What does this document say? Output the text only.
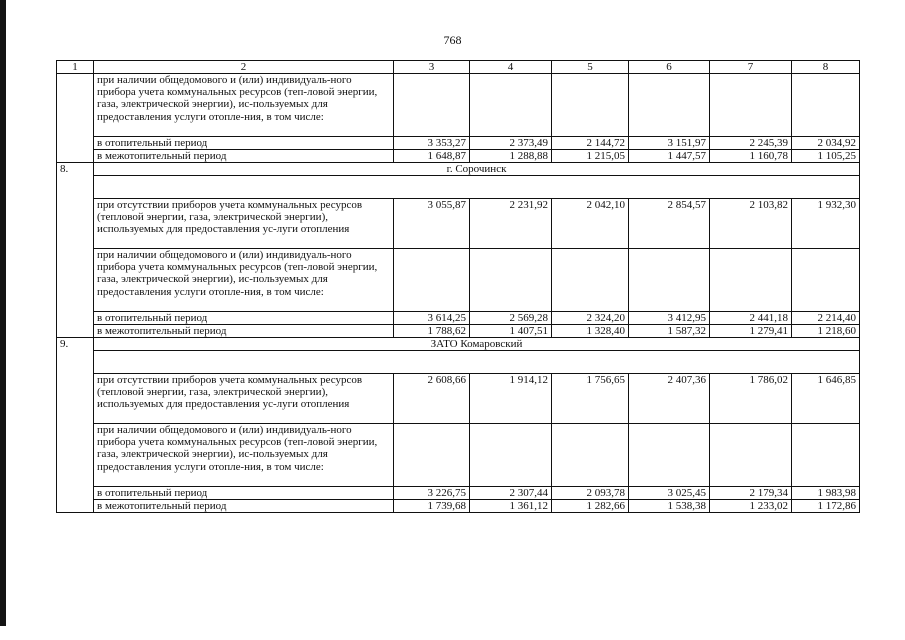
768
1	2	3	4	5	6	7	8
	при наличии общедомового и (или) индивидуаль-ного прибора учета коммунальных ресурсов (теп-ловой энергии, газа, электрической энергии), ис-пользуемых для предоставления услуги отопле-ния, в том числе:						
	в отопительный период	3 353,27	2 373,49	2 144,72	3 151,97	2 245,39	2 034,92
	в межотопительный период	1 648,87	1 288,88	1 215,05	1 447,57	1 160,78	1 105,25
8.	г. Сорочинск						

	при отсутствии приборов учета коммунальных ресурсов (тепловой энергии, газа, электрической энергии), используемых для предоставления ус-луги отопления	3 055,87	2 231,92	2 042,10	2 854,57	2 103,82	1 932,30
	при наличии общедомового и (или) индивидуаль-ного прибора учета коммунальных ресурсов (теп-ловой энергии, газа, электрической энергии), ис-пользуемых для предоставления услуги отопле-ния, в том числе:						
	в отопительный период	3 614,25	2 569,28	2 324,20	3 412,95	2 441,18	2 214,40
	в межотопительный период	1 788,62	1 407,51	1 328,40	1 587,32	1 279,41	1 218,60
9.	ЗАТО Комаровский						

	при отсутствии приборов учета коммунальных ресурсов (тепловой энергии, газа, электрической энергии), используемых для предоставления ус-луги отопления	2 608,66	1 914,12	1 756,65	2 407,36	1 786,02	1 646,85
	при наличии общедомового и (или) индивидуаль-ного прибора учета коммунальных ресурсов (теп-ловой энергии, газа, электрической энергии), ис-пользуемых для предоставления услуги отопле-ния, в том числе:						
	в отопительный период	3 226,75	2 307,44	2 093,78	3 025,45	2 179,34	1 983,98
	в межотопительный период	1 739,68	1 361,12	1 282,66	1 538,38	1 233,02	1 172,86
